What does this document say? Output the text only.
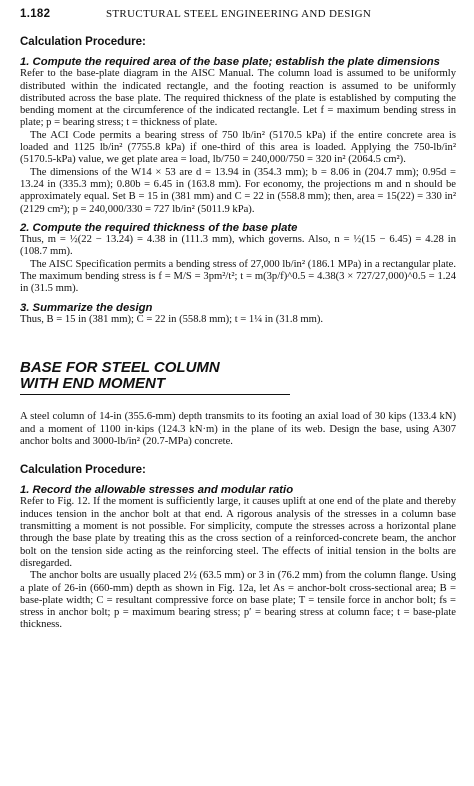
1.182	STRUCTURAL STEEL ENGINEERING AND DESIGN
Calculation Procedure:
1. Compute the required area of the base plate; establish the plate dimensions

Refer to the base-plate diagram in the AISC Manual. The column load is assumed to be uniformly distributed within the indicated rectangle, and the footing reaction is assumed to be uniformly distributed across the base plate. The required thickness of the plate is established by computing the bending moment at the circumference of the indicated rectangle. Let f = maximum bending stress in plate; p = bearing stress; t = thickness of plate.

The ACI Code permits a bearing stress of 750 lb/in² (5170.5 kPa) if the entire concrete area is loaded and 1125 lb/in² (7755.8 kPa) if one-third of this area is loaded. Applying the 750-lb/in² (5170.5-kPa) value, we get plate area = load, lb/750 = 240,000/750 = 320 in² (2064.5 cm²).

The dimensions of the W14 × 53 are d = 13.94 in (354.3 mm); b = 8.06 in (204.7 mm); 0.95d = 13.24 in (335.3 mm); 0.80b = 6.45 in (163.8 mm). For economy, the projections m and n should be approximately equal. Set B = 15 in (381 mm) and C = 22 in (558.8 mm); then, area = 15(22) = 330 in² (2129 cm²); p = 240,000/330 = 727 lb/in² (5011.9 kPa).

2. Compute the required thickness of the base plate

Thus, m = ½(22 − 13.24) = 4.38 in (111.3 mm), which governs. Also, n = ½(15 − 6.45) = 4.28 in (108.7 mm).

The AISC Specification permits a bending stress of 27,000 lb/in² (186.1 MPa) in a rectangular plate. The maximum bending stress is f = M/S = 3pm²/t²; t = m(3p/f)^0.5 = 4.38(3 × 727/27,000)^0.5 = 1.24 in (31.5 mm).

3. Summarize the design

Thus, B = 15 in (381 mm); C = 22 in (558.8 mm); t = 1¼ in (31.8 mm).

BASE FOR STEEL COLUMN
WITH END MOMENT

A steel column of 14-in (355.6-mm) depth transmits to its footing an axial load of 30 kips (133.4 kN) and a moment of 1100 in·kips (124.3 kN·m) in the plane of its web. Design the base, using A307 anchor bolts and 3000-lb/in² (20.7-MPa) concrete.

Calculation Procedure:
1. Record the allowable stresses and modular ratio

Refer to Fig. 12. If the moment is sufficiently large, it causes uplift at one end of the plate and thereby induces tension in the anchor bolt at that end. A rigorous analysis of the stresses in a column base transmitting a moment is not possible. For simplicity, compute the stresses across a horizontal plane through the base plate by treating this as the cross section of a reinforced-concrete beam, the anchor bolt on the tension side acting as the reinforcing steel. The effects of initial tension in the bolts are disregarded.

The anchor bolts are usually placed 2½ (63.5 mm) or 3 in (76.2 mm) from the column flange. Using a plate of 26-in (660-mm) depth as shown in Fig. 12a, let As = anchor-bolt cross-sectional area; B = base-plate width; C = resultant compressive force on base plate; T = tensile force in anchor bolt; fs = stress in anchor bolt; p = maximum bearing stress; p′ = bearing stress at column face; t = base-plate thickness.
